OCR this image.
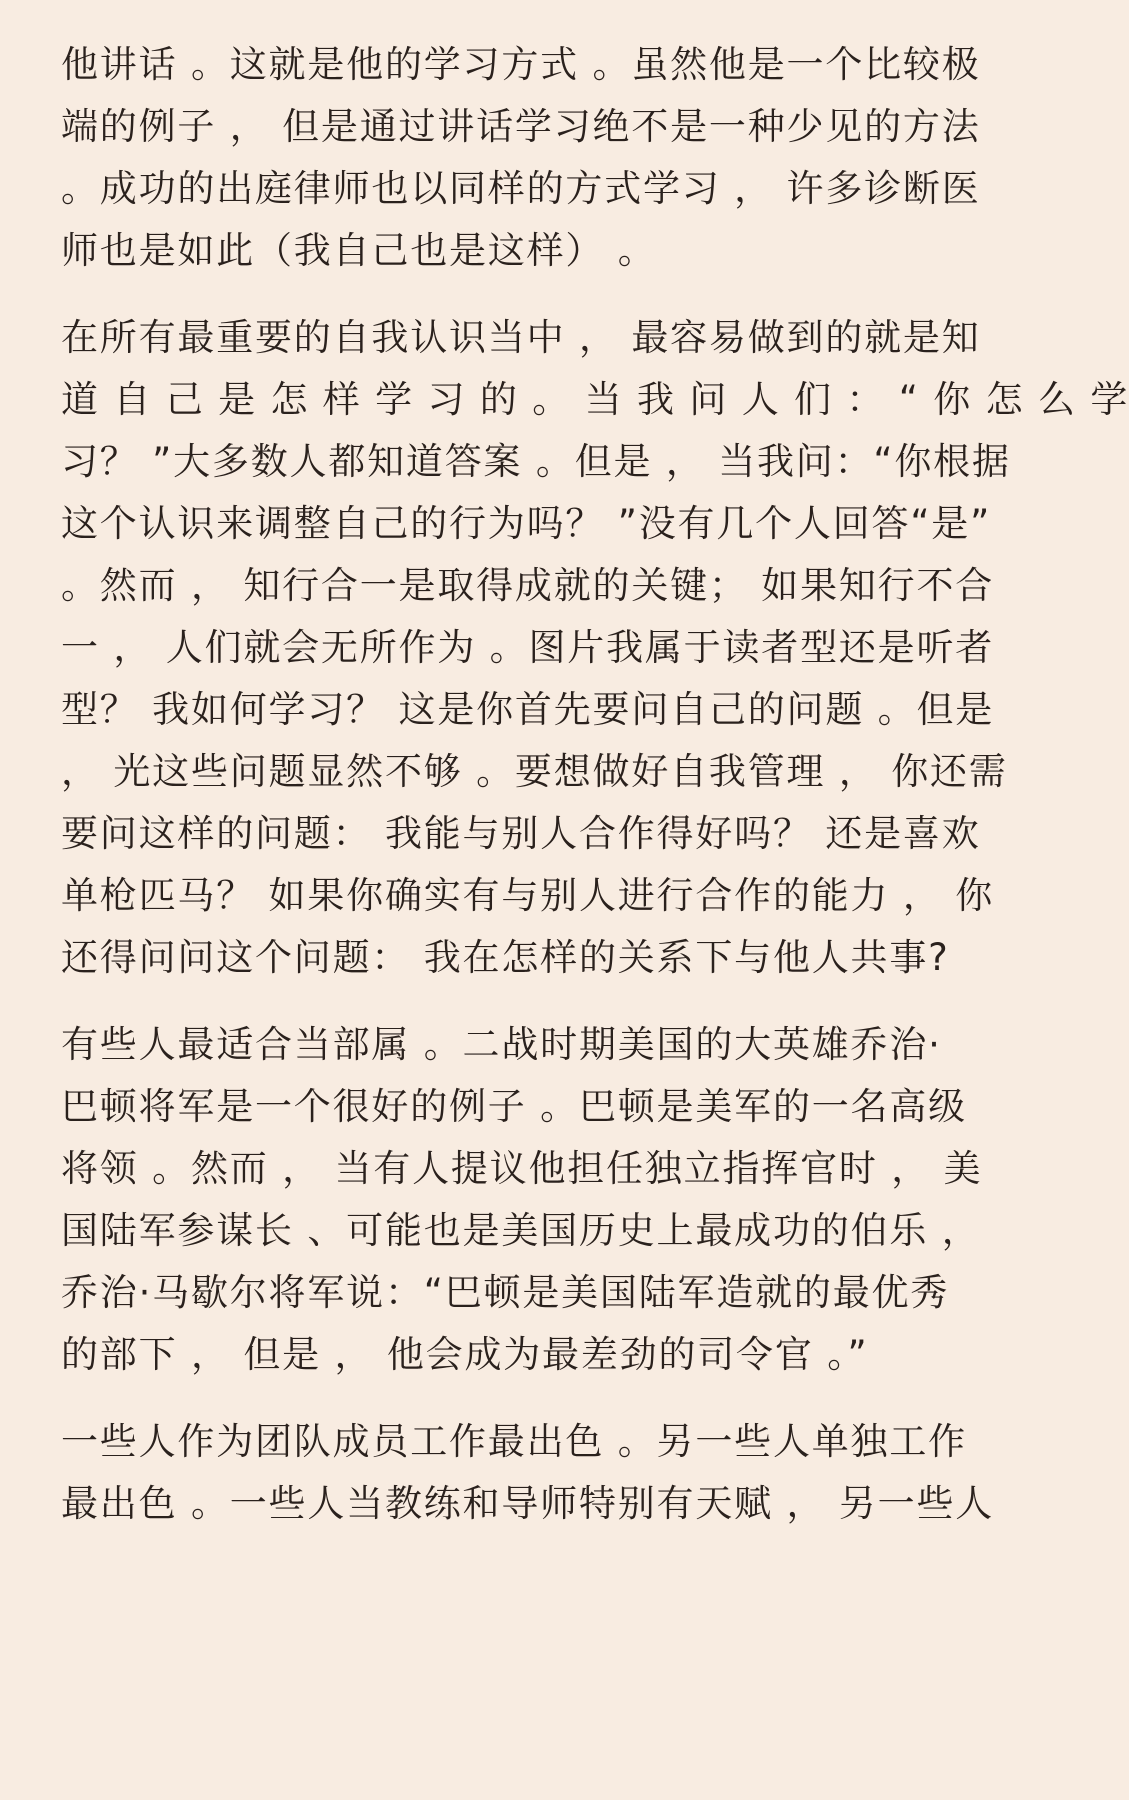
他讲话 。这就是他的学习方式 。虽然他是一个比较极
端的例子 ， 但是通过讲话学习绝不是一种少见的方法
。成功的出庭律师也以同样的方式学习 ， 许多诊断医
师也是如此（我自己也是这样） 。
在所有最重要的自我认识当中 ， 最容易做到的就是知
道 自 己 是 怎 样 学 习 的 。 当 我 问 人 们 ： “ 你 怎 么 学
习？ ”大多数人都知道答案 。但是 ， 当我问：“你根据
这个认识来调整自己的行为吗？ ”没有几个人回答“是”
。然而 ， 知行合一是取得成就的关键； 如果知行不合
一 ， 人们就会无所作为 。图片我属于读者型还是听者
型？ 我如何学习？ 这是你首先要问自己的问题 。但是
， 光这些问题显然不够 。要想做好自我管理 ， 你还需
要问这样的问题： 我能与别人合作得好吗？ 还是喜欢
单枪匹马？ 如果你确实有与别人进行合作的能力 ， 你
还得问问这个问题： 我在怎样的关系下与他人共事?
有些人最适合当部属 。二战时期美国的大英雄乔治·
巴顿将军是一个很好的例子 。巴顿是美军的一名高级
将领 。然而 ， 当有人提议他担任独立指挥官时 ， 美
国陆军参谋长 、可能也是美国历史上最成功的伯乐 ，
乔治·马歇尔将军说：“巴顿是美国陆军造就的最优秀
的部下 ， 但是 ， 他会成为最差劲的司令官 。”
一些人作为团队成员工作最出色 。另一些人单独工作
最出色 。一些人当教练和导师特别有天赋 ， 另一些人
